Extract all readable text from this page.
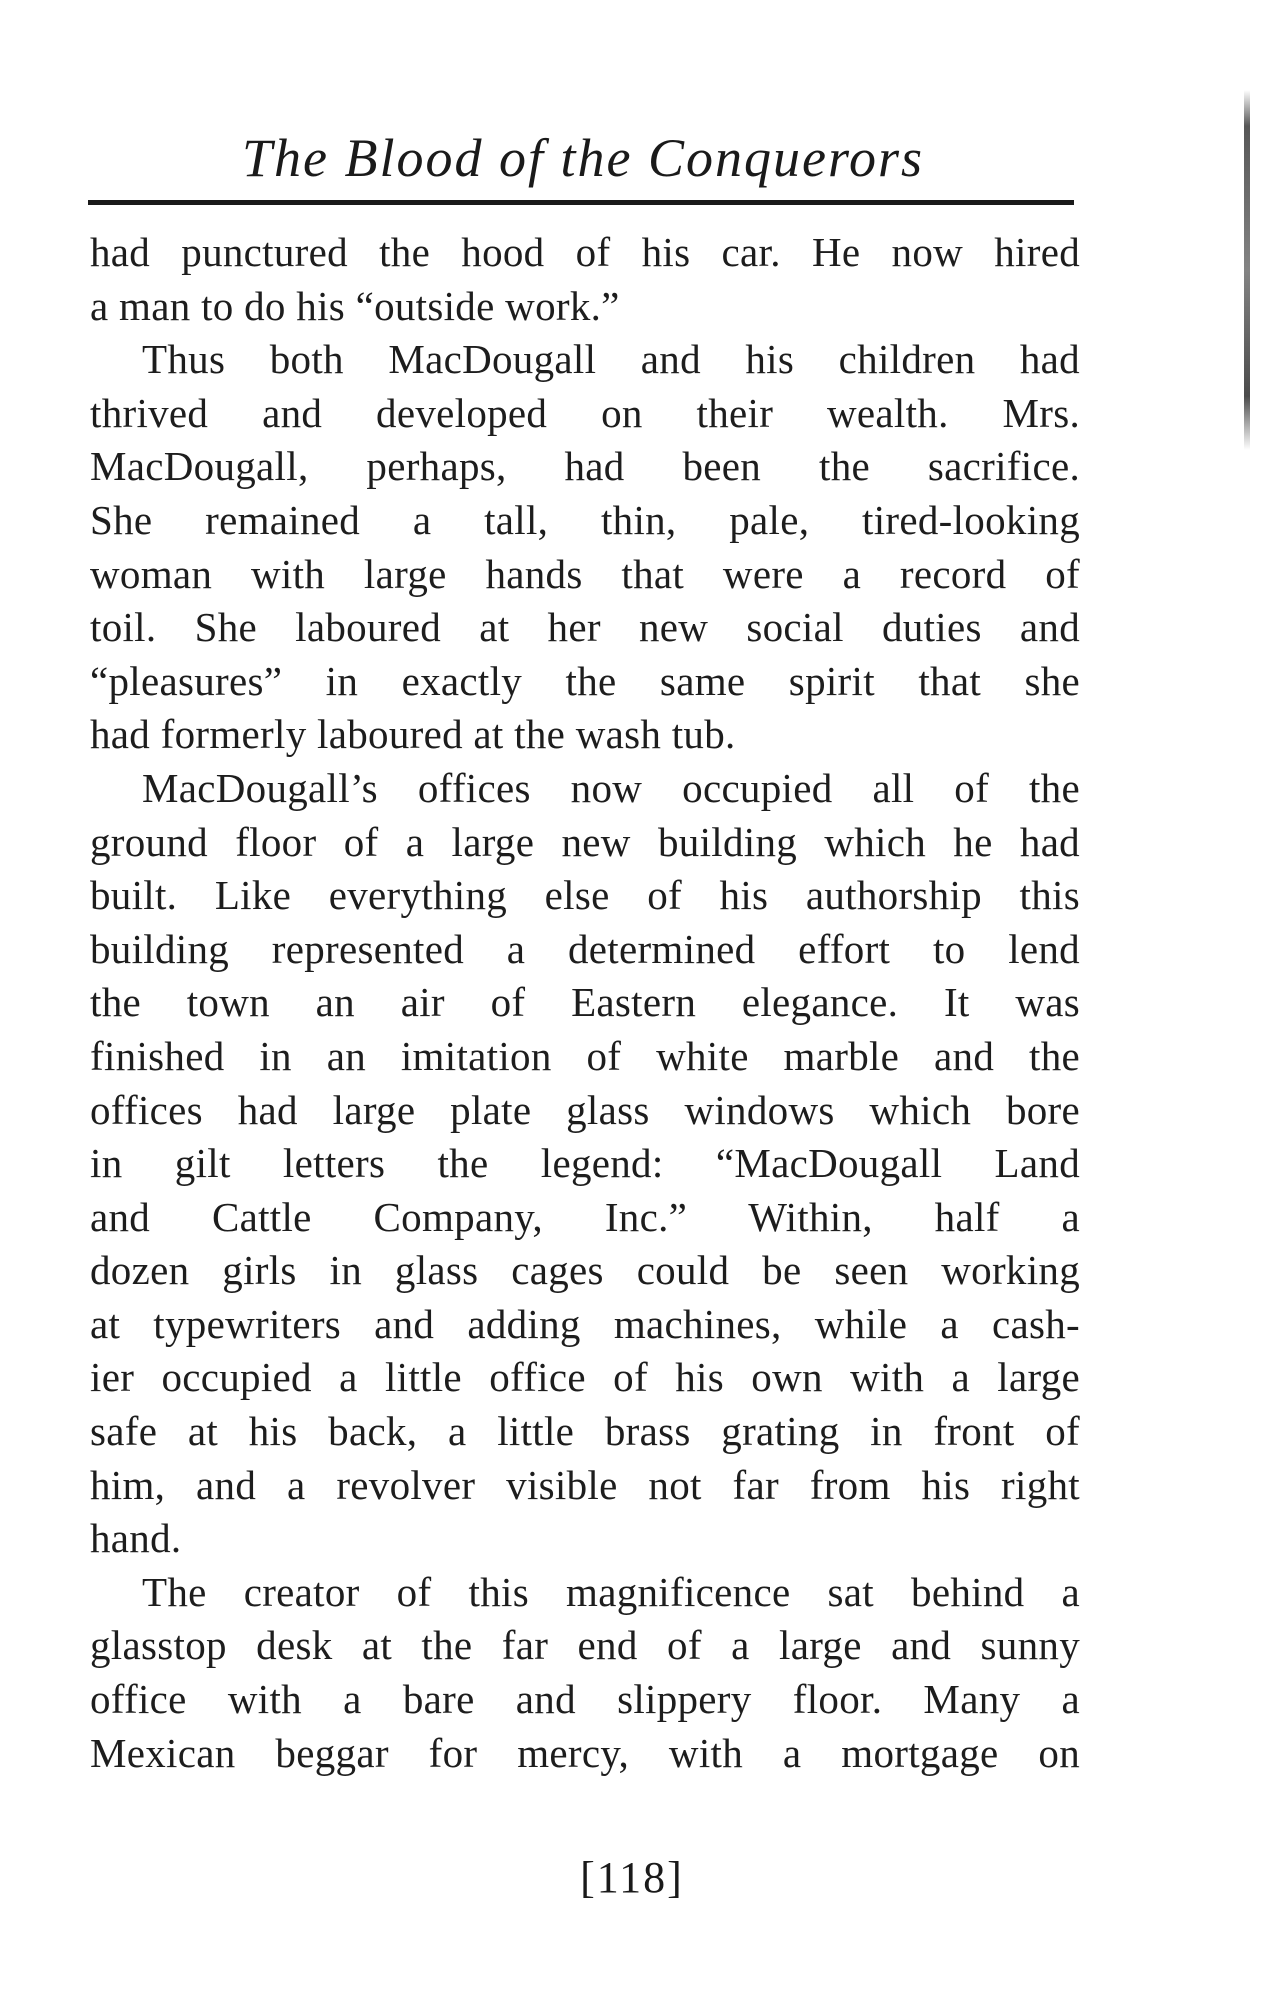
The Blood of the Conquerors
had punctured the hood of his car. He now hired
a man to do his “outside work.”
Thus both MacDougall and his children had
thrived and developed on their wealth. Mrs.
MacDougall, perhaps, had been the sacrifice.
She remained a tall, thin, pale, tired-looking
woman with large hands that were a record of
toil. She laboured at her new social duties and
“pleasures” in exactly the same spirit that she
had formerly laboured at the wash tub.
MacDougall’s offices now occupied all of the
ground floor of a large new building which he had
built. Like everything else of his authorship this
building represented a determined effort to lend
the town an air of Eastern elegance. It was
finished in an imitation of white marble and the
offices had large plate glass windows which bore
in gilt letters the legend: “MacDougall Land
and Cattle Company, Inc.” Within, half a
dozen girls in glass cages could be seen working
at typewriters and adding machines, while a cash-
ier occupied a little office of his own with a large
safe at his back, a little brass grating in front of
him, and a revolver visible not far from his right
hand.
The creator of this magnificence sat behind a
glasstop desk at the far end of a large and sunny
office with a bare and slippery floor. Many a
Mexican beggar for mercy, with a mortgage on
[118]
